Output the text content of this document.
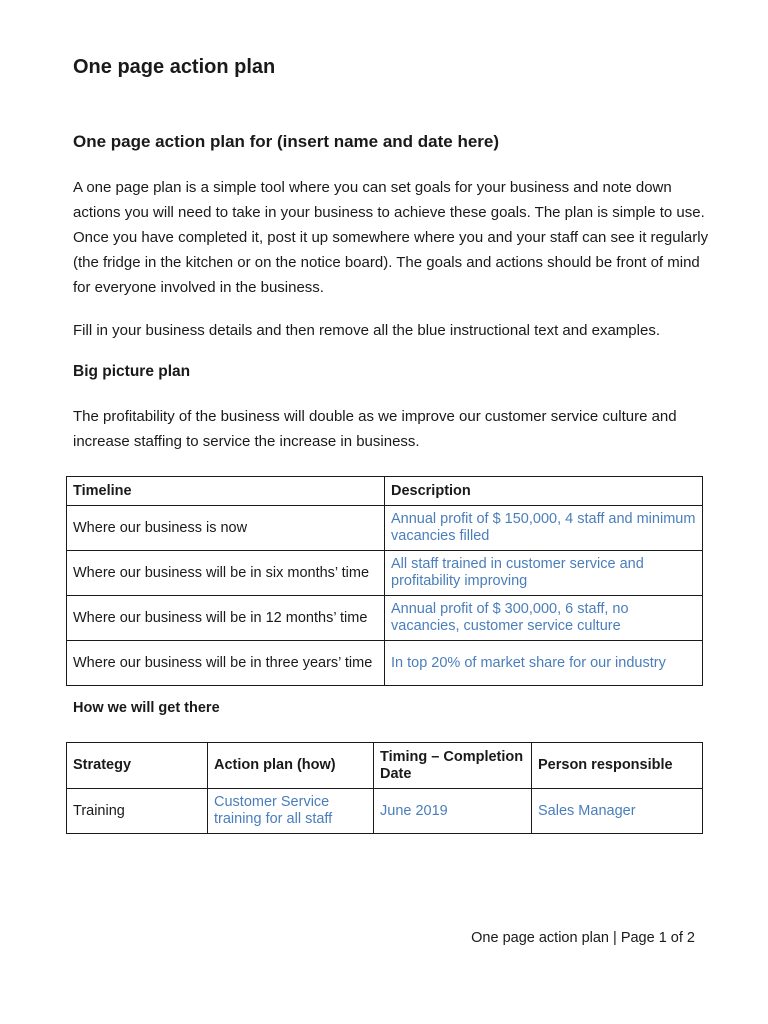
One page action plan
One page action plan for (insert name and date here)

A one page plan is a simple tool where you can set goals for your business and note down actions you will need to take in your business to achieve these goals. The plan is simple to use. Once you have completed it, post it up somewhere where you and your staff can see it regularly (the fridge in the kitchen or on the notice board). The goals and actions should be front of mind for everyone involved in the business.

Fill in your business details and then remove all the blue instructional text and examples.

Big picture plan

The profitability of the business will double as we improve our customer service culture and increase staffing to service the increase in business.

Timeline	Description
Where our business is now	Annual profit of $ 150,000, 4 staff and minimum vacancies filled
Where our business will be in six months’ time	All staff trained in customer service and profitability improving
Where our business will be in 12 months’ time	Annual profit of $ 300,000, 6 staff, no vacancies, customer service culture
Where our business will be in three years’ time	In top 20% of market share for our industry
How we will get there
Strategy	Action plan (how)	Timing – Completion Date	Person responsible
Training	Customer Service training for all staff	June 2019	Sales Manager

One page action plan | Page 1 of 2
